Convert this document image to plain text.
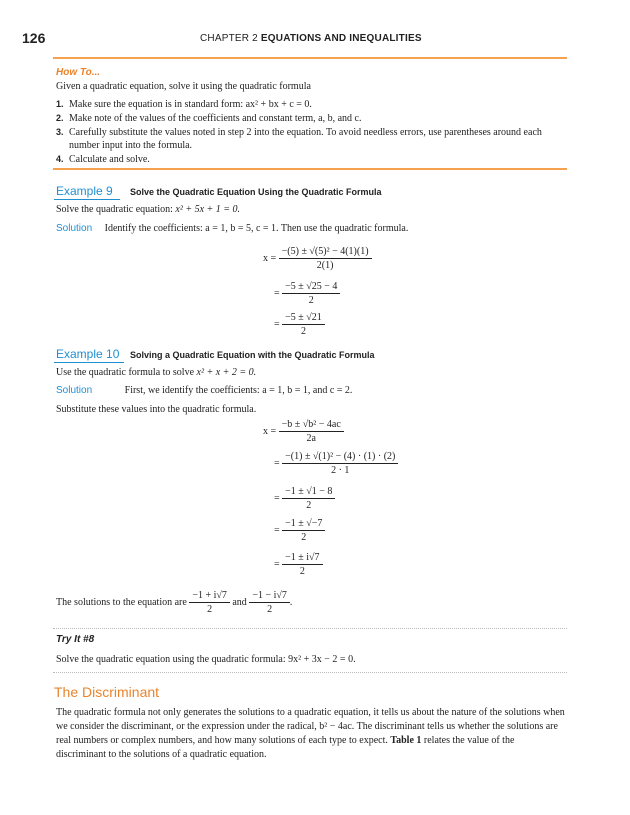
126	CHAPTER 2 EQUATIONS AND INEQUALITIES
How To...
Given a quadratic equation, solve it using the quadratic formula
1. Make sure the equation is in standard form: ax² + bx + c = 0.
2. Make note of the values of the coefficients and constant term, a, b, and c.
3. Carefully substitute the values noted in step 2 into the equation. To avoid needless errors, use parentheses around each number input into the formula.
4. Calculate and solve.
Example 9 Solve the Quadratic Equation Using the Quadratic Formula
Solve the quadratic equation: x² + 5x + 1 = 0.
Solution Identify the coefficients: a = 1, b = 5, c = 1. Then use the quadratic formula.
$x = \frac{\text{−(5) ± √(5)² − 4(1)(1)}}{2(1)}$
= $\frac{-5 \pm √25 - 4}{2}$
= $\frac{-5 \pm √21}{2}$
Example 10 Solving a Quadratic Equation with the Quadratic Formula
Use the quadratic formula to solve x² + x + 2 = 0.
Solution	First, we identify the coefficients: a = 1, b = 1, and c = 2.
Substitute these values into the quadratic formula.
$x = \frac{\text{−b ± √b² − 4ac}}{2a}$
= $\frac{\text{−(1) ± √(1)² − (4) · (1) · (2)}}{2 \cdot 1}$
= $\frac{-1 \pm √1 - 8}{2}$
= $\frac{-1 \pm √-7}{2}$
= $\frac{-1 \pm i√7}{2}$
The solutions to the equation are $\frac{-1 + i√7}{2}$ and $\frac{-1 - i√7}{2}$ .
Try It #8
Solve the quadratic equation using the quadratic formula: 9x² + 3x − 2 = 0.
The Discriminant
The quadratic formula not only generates the solutions to a quadratic equation, it tells us about the nature of the solutions when we consider the discriminant, or the expression under the radical, b² − 4ac. The discriminant tells us whether the solutions are real numbers or complex numbers, and how many solutions of each type to expect. Table 1 relates the value of the discriminant to the solutions of a quadratic equation.
